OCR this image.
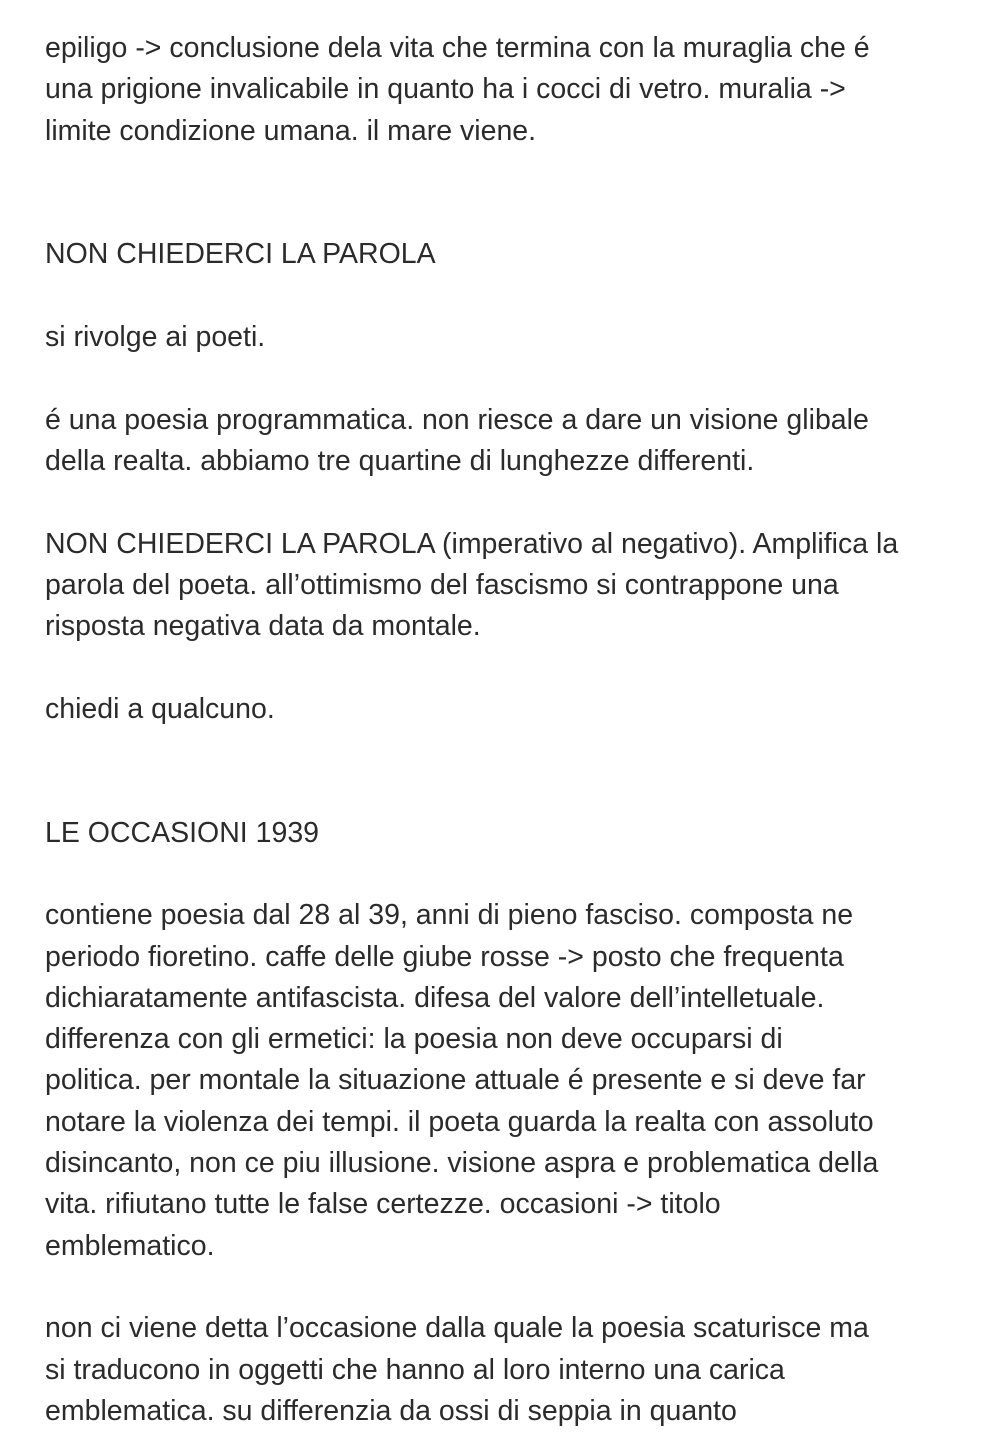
epiligo -> conclusione dela vita che termina con la muraglia che é
una prigione invalicabile in quanto ha i cocci di vetro. muralia ->
limite condizione umana. il mare viene.

NON CHIEDERCI LA PAROLA

si rivolge ai poeti.

é una poesia programmatica. non riesce a dare un visione glibale
della realta. abbiamo tre quartine di lunghezze differenti.

NON CHIEDERCI LA PAROLA (imperativo al negativo). Amplifica la
parola del poeta. all’ottimismo del fascismo si contrappone una
risposta negativa data da montale.

chiedi a qualcuno.

LE OCCASIONI 1939

contiene poesia dal 28 al 39, anni di pieno fasciso. composta ne
periodo fioretino. caffe delle giube rosse -> posto che frequenta
dichiaratamente antifascista. difesa del valore dell’intelletuale.
differenza con gli ermetici: la poesia non deve occuparsi di
politica. per montale la situazione attuale é presente e si deve far
notare la violenza dei tempi. il poeta guarda la realta con assoluto
disincanto, non ce piu illusione. visione aspra e problematica della
vita. rifiutano tutte le false certezze. occasioni -> titolo
emblematico.

non ci viene detta l’occasione dalla quale la poesia scaturisce ma
si traducono in oggetti che hanno al loro interno una carica
emblematica. su differenzia da ossi di seppia in quanto
